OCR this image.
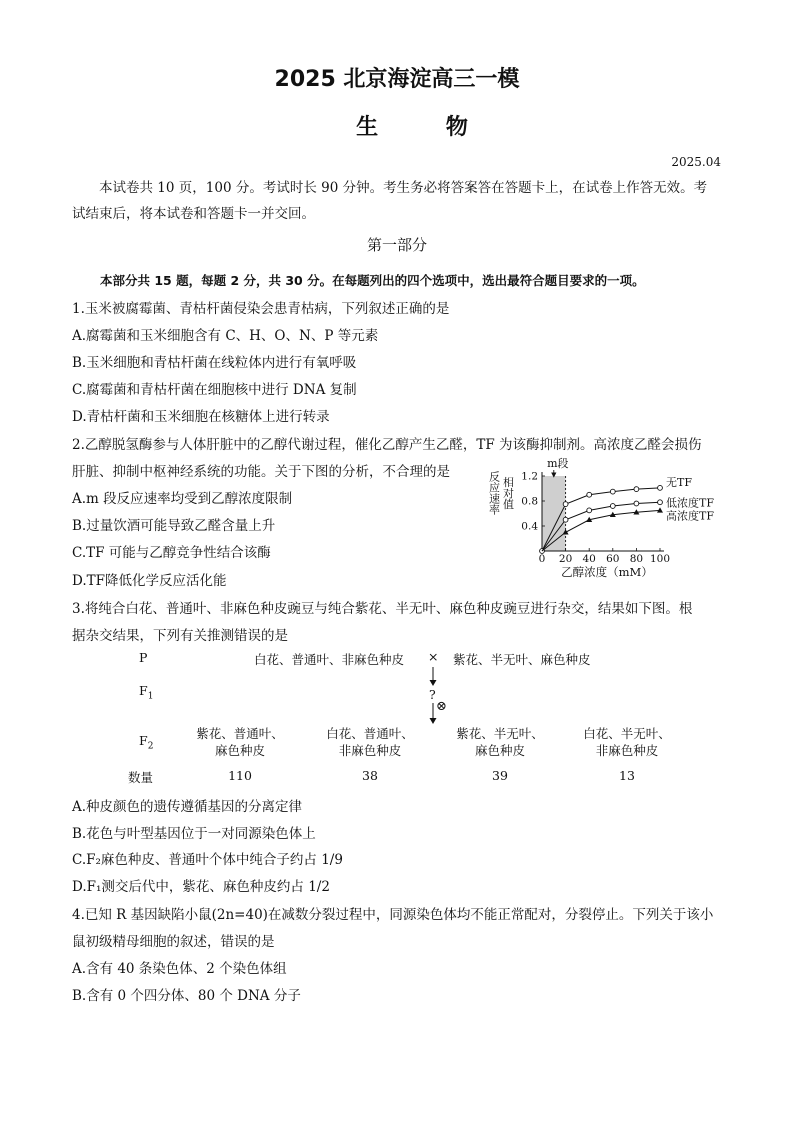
2025 北京海淀高三一模
生 物
2025.04
本试卷共 10 页，100 分。考试时长 90 分钟。考生务必将答案答在答题卡上，在试卷上作答无效。考
试结束后，将本试卷和答题卡一并交回。
第一部分
本部分共 15 题，每题 2 分，共 30 分。在每题列出的四个选项中，选出最符合题目要求的一项。
1.玉米被腐霉菌、青枯杆菌侵染会患青枯病，下列叙述正确的是
A.腐霉菌和玉米细胞含有 C、H、O、N、P 等元素
B.玉米细胞和青枯杆菌在线粒体内进行有氧呼吸
C.腐霉菌和青枯杆菌在细胞核中进行 DNA 复制
D.青枯杆菌和玉米细胞在核糖体上进行转录
2.乙醇脱氢酶参与人体肝脏中的乙醇代谢过程，催化乙醇产生乙醛，TF 为该酶抑制剂。高浓度乙醛会损伤
肝脏、抑制中枢神经系统的功能。关于下图的分析，不合理的是
A.m 段反应速率均受到乙醇浓度限制
B.过量饮酒可能导致乙醛含量上升
C.TF 可能与乙醇竞争性结合该酶
D.TF降低化学反应活化能
0.4
0.8
1.2
0 20 40 60 80 100
无TF
低浓度TF
高浓度TF
m段
乙醇浓度（mM）
反应速率 相对值
3.将纯合白花、普通叶、非麻色种皮豌豆与纯合紫花、半无叶、麻色种皮豌豆进行杂交，结果如下图。根
据杂交结果，下列有关推测错误的是
P	白花、普通叶、非麻色种皮 × 紫花、半无叶、麻色种皮
$F_1$	?
⊗
$F_2$
紫花、普通叶、
麻色种皮
白花、普通叶、
非麻色种皮
紫花、半无叶、
麻色种皮
白花、半无叶、
非麻色种皮
数量	110	38	39	13
A.种皮颜色的遗传遵循基因的分离定律
B.花色与叶型基因位于一对同源染色体上
C.F₂麻色种皮、普通叶个体中纯合子约占 1/9
D.F₁测交后代中，紫花、麻色种皮约占 1/2
4.已知 R 基因缺陷小鼠(2n=40)在减数分裂过程中，同源染色体均不能正常配对，分裂停止。下列关于该小
鼠初级精母细胞的叙述，错误的是
A.含有 40 条染色体、2 个染色体组
B.含有 0 个四分体、80 个 DNA 分子
